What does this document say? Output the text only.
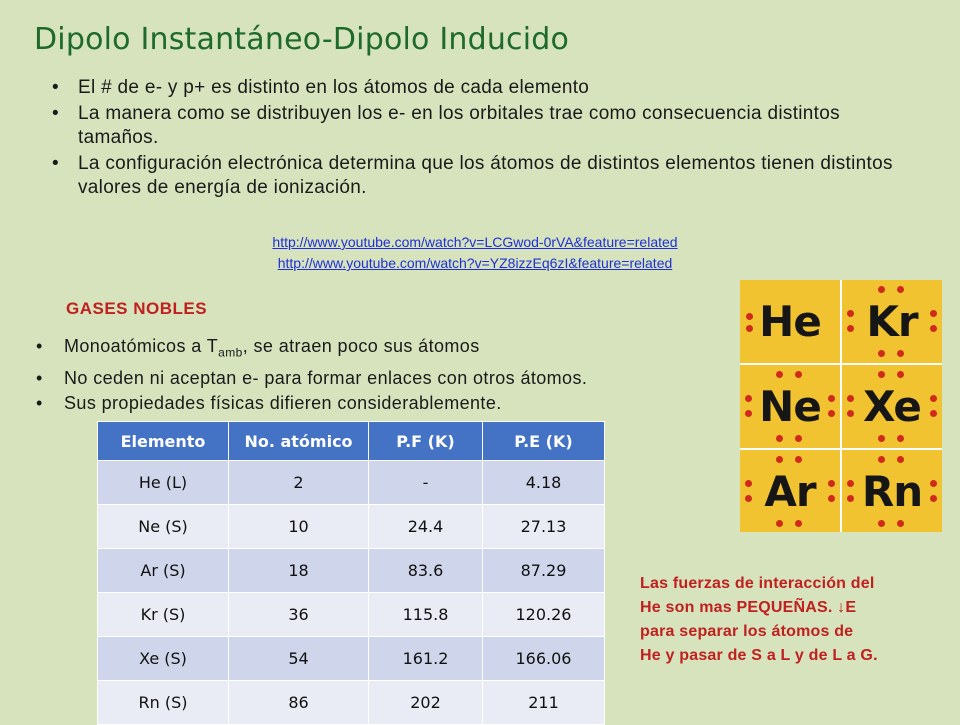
Dipolo Instantáneo-Dipolo Inducido
• El # de e- y p+ es distinto en los átomos de cada elemento
• La manera como se distribuyen los e- en los orbitales trae como consecuencia distintos tamaños.
• La configuración electrónica determina que los átomos de distintos elementos tienen distintos valores de energía de ionización.
http://www.youtube.com/watch?v=LCGwod-0rVA&feature=related
http://www.youtube.com/watch?v=YZ8izzEq6zI&feature=related
GASES NOBLES
• Monoatómicos a $T_{amb}$, se atraen poco sus átomos
• No ceden ni aceptan e- para formar enlaces con otros átomos.
• Sus propiedades físicas difieren considerablemente.
Elemento	No. atómico	P.F (K)	P.E (K)
He (L)	2	-	4.18
Ne (S)	10	24.4	27.13
Ar (S)	18	83.6	87.29
Kr (S)	36	115.8	120.26
Xe (S)	54	161.2	166.06
Rn (S)	86	202	211
He Kr
Ne Xe
Ar Rn
Las fuerzas de interacción del
He son mas PEQUEÑAS. ↓E
para separar los átomos de
He y pasar de S a L y de L a G.
